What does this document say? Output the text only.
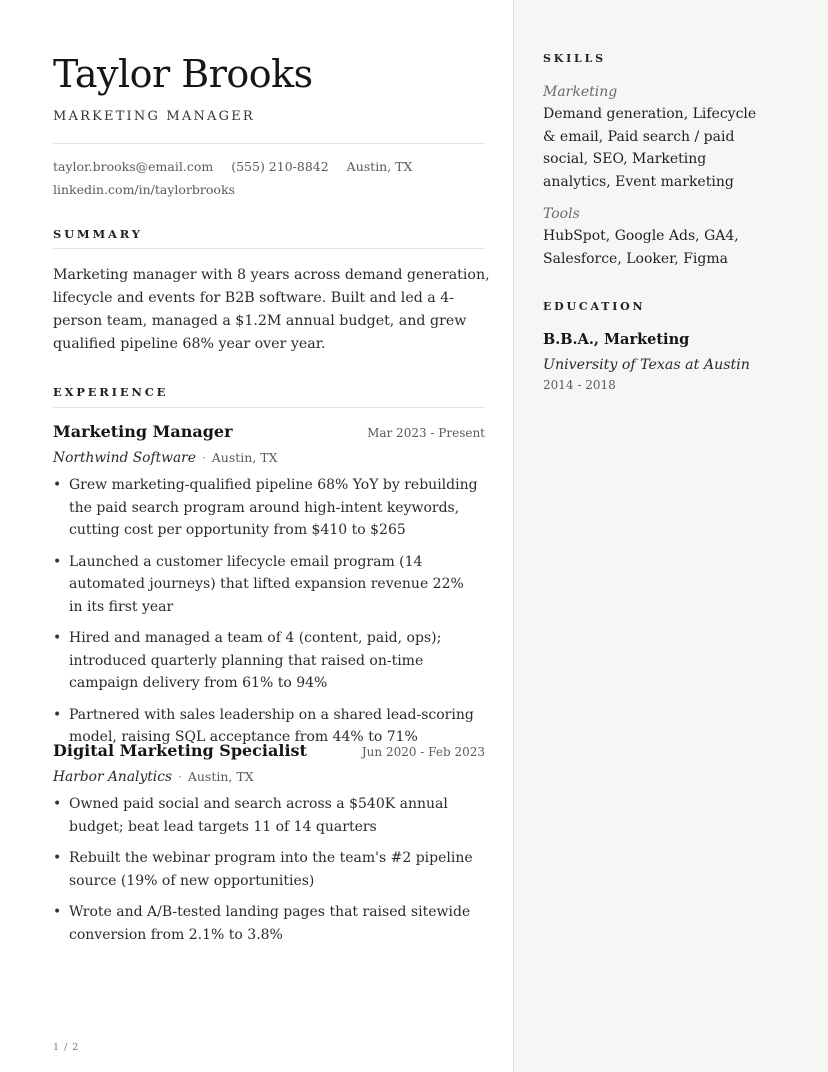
Taylor Brooks

MARKETING MANAGER

taylor.brooks@email.com (555) 210-8842 Austin, TX
linkedin.com/in/taylorbrooks
SUMMARY

Marketing manager with 8 years across demand generation, lifecycle and events for B2B software. Built and led a 4-person team, managed a $1.2M annual budget, and grew qualified pipeline 68% year over year.

EXPERIENCE
Marketing Manager	Mar 2023 - Present
Northwind Software · Austin, TX
• Grew marketing-qualified pipeline 68% YoY by rebuilding the paid search program around high-intent keywords, cutting cost per opportunity from $410 to $265
• Launched a customer lifecycle email program (14 automated journeys) that lifted expansion revenue 22% in its first year
• Hired and managed a team of 4 (content, paid, ops); introduced quarterly planning that raised on-time campaign delivery from 61% to 94%
• Partnered with sales leadership on a shared lead-scoring model, raising SQL acceptance from 44% to 71%
Digital Marketing Specialist	Jun 2020 - Feb 2023
Harbor Analytics · Austin, TX
• Owned paid social and search across a $540K annual budget; beat lead targets 11 of 14 quarters
• Rebuilt the webinar program into the team's #2 pipeline source (19% of new opportunities)
• Wrote and A/B-tested landing pages that raised sitewide conversion from 2.1% to 3.8%
1 / 2
SKILLS
Marketing
Demand generation, Lifecycle & email, Paid search / paid social, SEO, Marketing analytics, Event marketing
Tools
HubSpot, Google Ads, GA4, Salesforce, Looker, Figma
EDUCATION
B.B.A., Marketing
University of Texas at Austin
2014 - 2018
